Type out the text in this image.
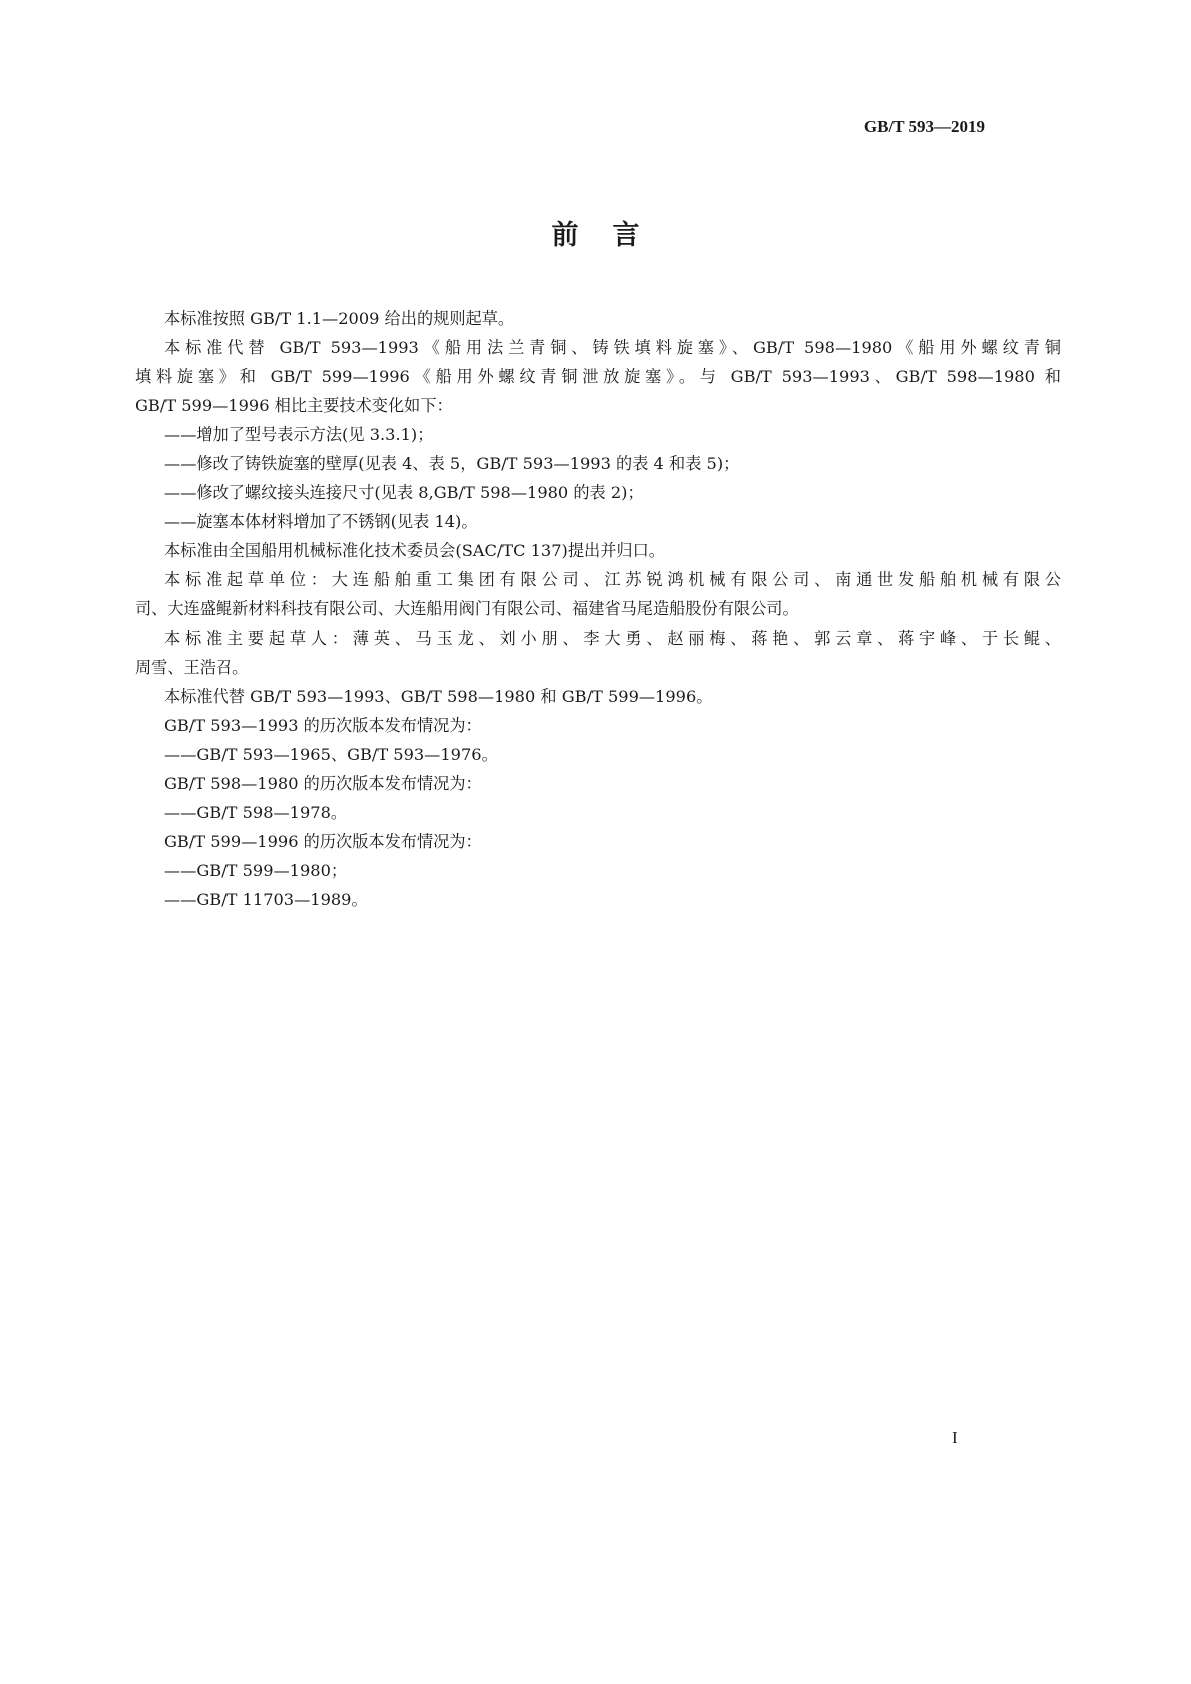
GB/T 593—2019
前言
本标准按照 GB/T 1.1—2009 给出的规则起草。
本标准代替 GB/T 593—1993《船用法兰青铜、铸铁填料旋塞》、GB/T 598—1980《船用外螺纹青铜
填料旋塞》和 GB/T 599—1996《船用外螺纹青铜泄放旋塞》。与 GB/T 593—1993、GB/T 598—1980 和
GB/T 599—1996 相比主要技术变化如下：
——增加了型号表示方法(见 3.3.1)；
——修改了铸铁旋塞的壁厚(见表 4、表 5，GB/T 593—1993 的表 4 和表 5)；
——修改了螺纹接头连接尺寸(见表 8,GB/T 598—1980 的表 2)；
——旋塞本体材料增加了不锈钢(见表 14)。
本标准由全国船用机械标准化技术委员会(SAC/TC 137)提出并归口。
本标准起草单位：大连船舶重工集团有限公司、江苏锐鸿机械有限公司、南通世发船舶机械有限公
司、大连盛鲲新材料科技有限公司、大连船用阀门有限公司、福建省马尾造船股份有限公司。
本标准主要起草人：薄英、马玉龙、刘小朋、李大勇、赵丽梅、蒋艳、郭云章、蒋宇峰、于长鲲、
周雪、王浩召。
本标准代替 GB/T 593—1993、GB/T 598—1980 和 GB/T 599—1996。
GB/T 593—1993 的历次版本发布情况为：
——GB/T 593—1965、GB/T 593—1976。
GB/T 598—1980 的历次版本发布情况为：
——GB/T 598—1978。
GB/T 599—1996 的历次版本发布情况为：
——GB/T 599—1980；
——GB/T 11703—1989。
I
